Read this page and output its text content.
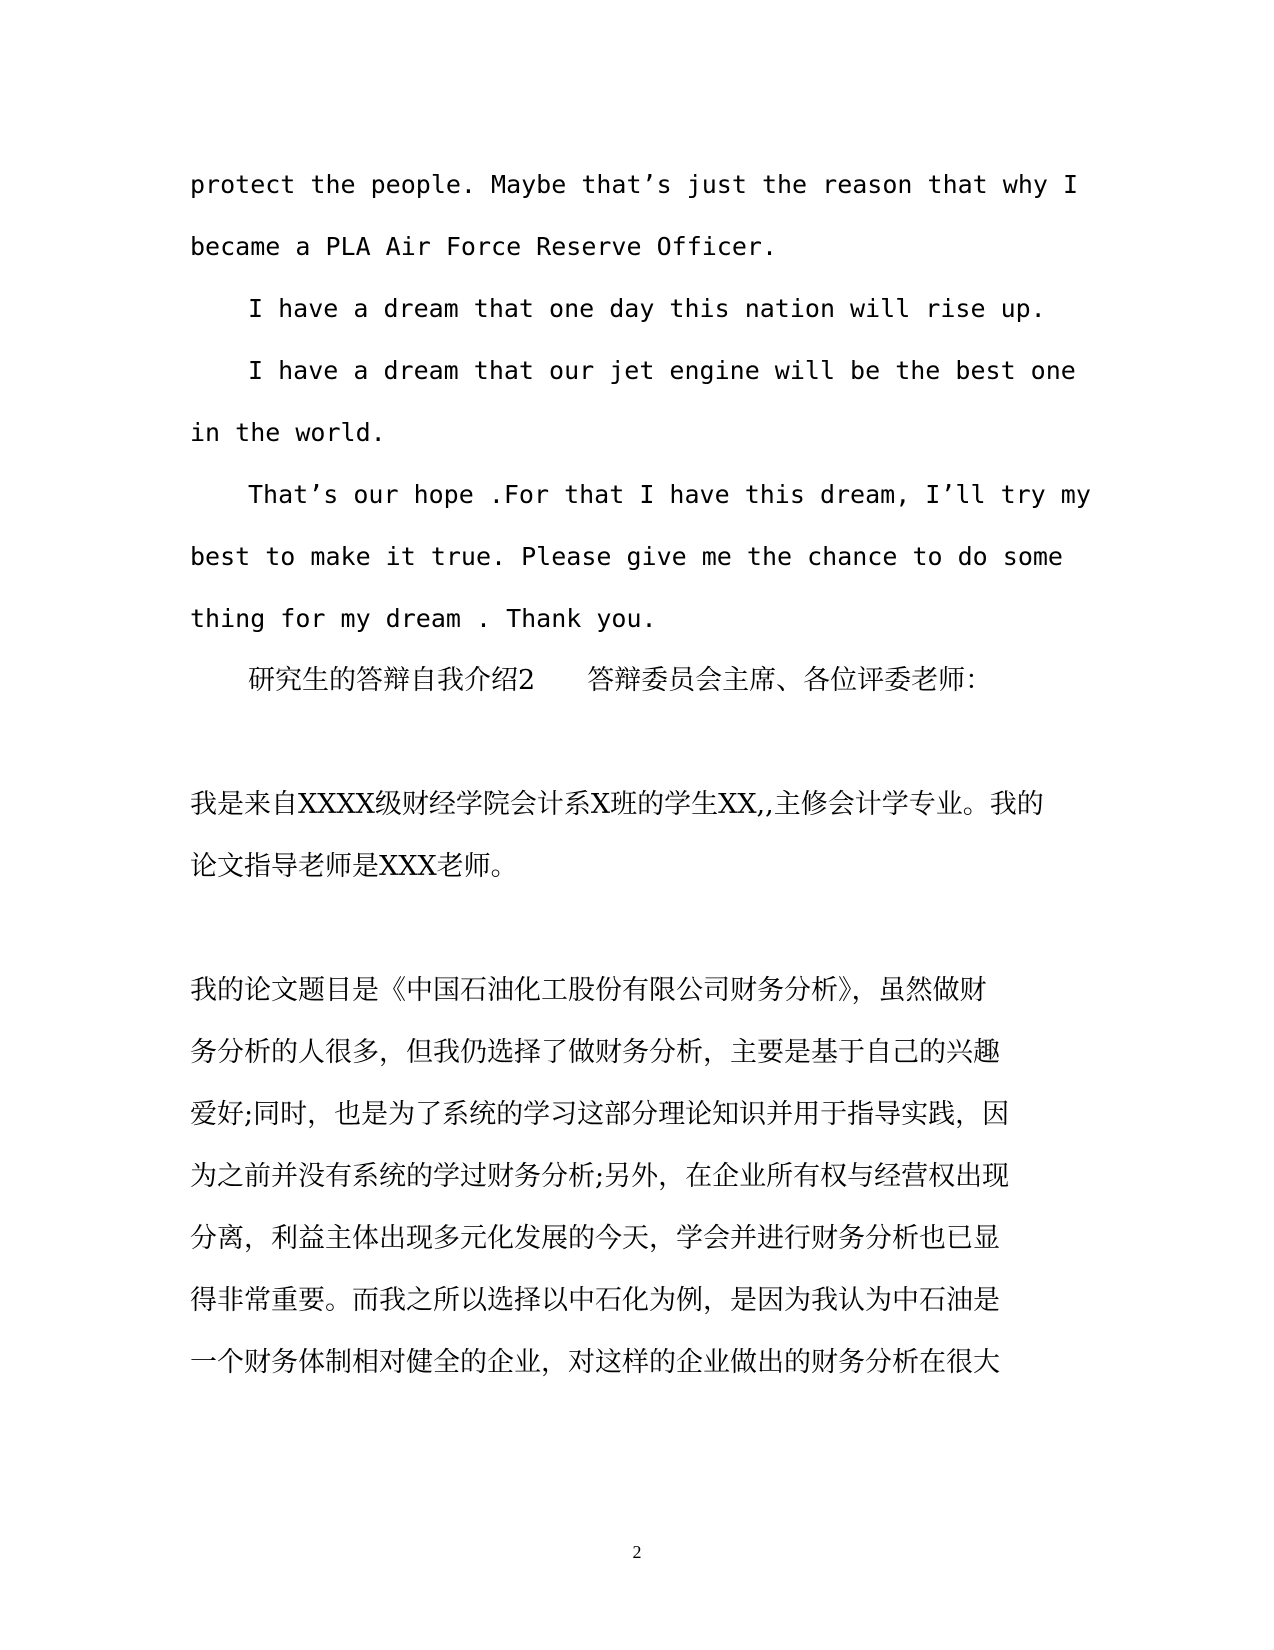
protect the people. Maybe that’s just the reason that why I
became a PLA Air Force Reserve Officer.
I have a dream that one day this nation will rise up.
I have a dream that our jet engine will be the best one
in the world.
That’s our hope .For that I have this dream, I’ll try my
best to make it true. Please give me the chance to do some
thing for my dream . Thank you.
研究生的答辩自我介绍2 答辩委员会主席、各位评委老师：
我是来自XXXX级财经学院会计系X班的学生XX,,主修会计学专业。我的
论文指导老师是XXX老师。
我的论文题目是《中国石油化工股份有限公司财务分析》，虽然做财
务分析的人很多，但我仍选择了做财务分析，主要是基于自己的兴趣
爱好;同时，也是为了系统的学习这部分理论知识并用于指导实践，因
为之前并没有系统的学过财务分析;另外，在企业所有权与经营权出现
分离，利益主体出现多元化发展的今天，学会并进行财务分析也已显
得非常重要。而我之所以选择以中石化为例，是因为我认为中石油是
一个财务体制相对健全的企业，对这样的企业做出的财务分析在很大
2
